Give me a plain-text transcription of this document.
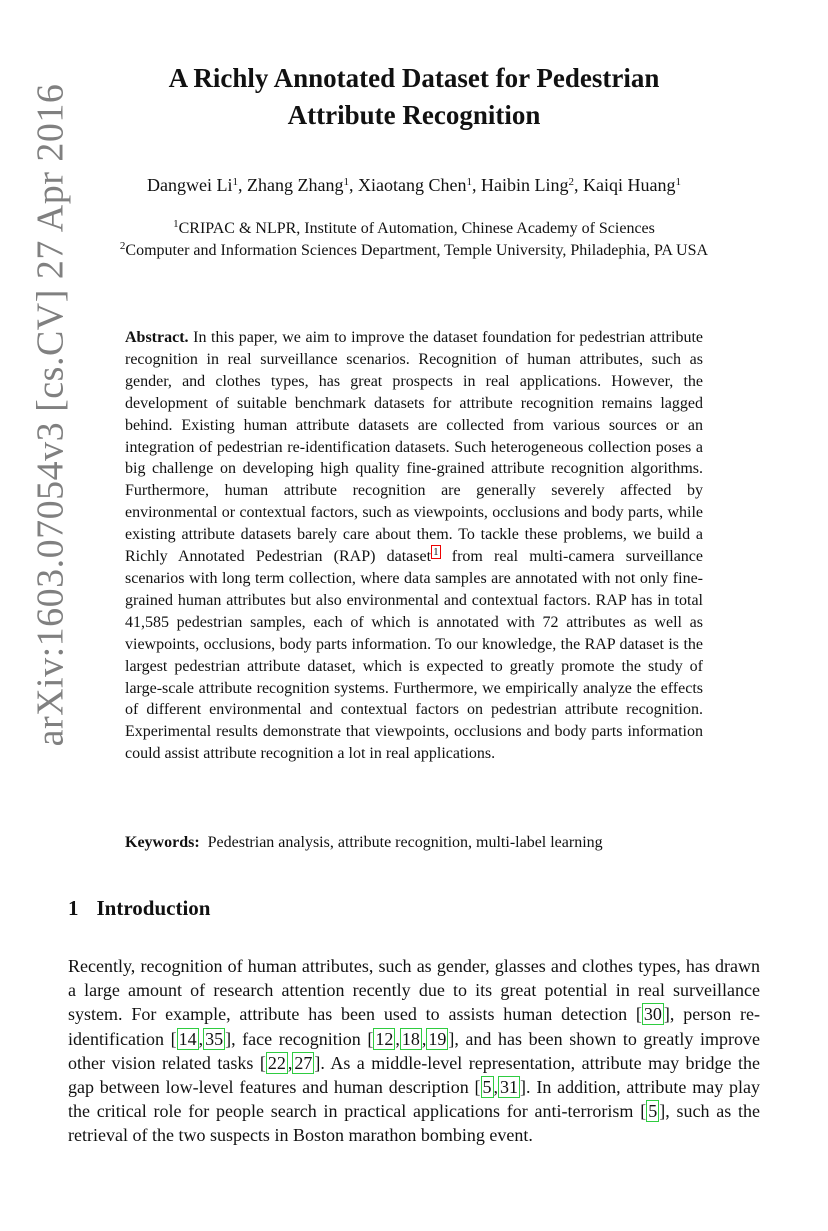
arXiv:1603.07054v3 [cs.CV] 27 Apr 2016
A Richly Annotated Dataset for Pedestrian
Attribute Recognition
Dangwei Li$^1$, Zhang Zhang$^1$, Xiaotang Chen$^1$, Haibin Ling$^2$, Kaiqi Huang$^1$
$^1$CRIPAC & NLPR, Institute of Automation, Chinese Academy of Sciences
$^2$Computer and Information Sciences Department, Temple University, Philadephia, PA USA

Abstract. In this paper, we aim to improve the dataset foundation for pedestrian attribute recognition in real surveillance scenarios. Recognition of human attributes, such as gender, and clothes types, has great prospects in real applications. However, the development of suitable benchmark datasets for attribute recognition remains lagged behind. Existing human attribute datasets are collected from various sources or an integration of pedestrian re-identification datasets. Such heterogeneous collection poses a big challenge on developing high quality fine-grained attribute recognition algorithms. Furthermore, human attribute recognition are generally severely affected by environmental or contextual factors, such as viewpoints, occlusions and body parts, while existing attribute datasets barely care about them. To tackle these problems, we build a Richly Annotated Pedestrian (RAP) dataset $^1$ from real multi-camera surveillance scenarios with long term collection, where data samples are annotated with not only fine-grained human attributes but also environmental and contextual factors. RAP has in total 41,585 pedestrian samples, each of which is annotated with 72 attributes as well as viewpoints, occlusions, body parts information. To our knowledge, the RAP dataset is the largest pedestrian attribute dataset, which is expected to greatly promote the study of large-scale attribute recognition systems. Furthermore, we empirically analyze the effects of different environmental and contextual factors on pedestrian attribute recognition. Experimental results demonstrate that viewpoints, occlusions and body parts information could assist attribute recognition a lot in real applications.

Keywords: Pedestrian analysis, attribute recognition, multi-label learning

1 Introduction

Recently, recognition of human attributes, such as gender, glasses and clothes types, has drawn a large amount of research attention recently due to its great potential in real surveillance system. For example, attribute has been used to assists human detection [ 30 ], person re-identification [ 14 , 35 ], face recognition [ 12 , 18 , 19 ], and has been shown to greatly improve other vision related tasks [ 22 , 27 ]. As a middle-level representation, attribute may bridge the gap between low-level features and human description [ 5 , 31 ]. In addition, attribute may play the critical role for people search in practical applications for anti-terrorism [ 5 ], such as the retrieval of the two suspects in Boston marathon bombing event.
